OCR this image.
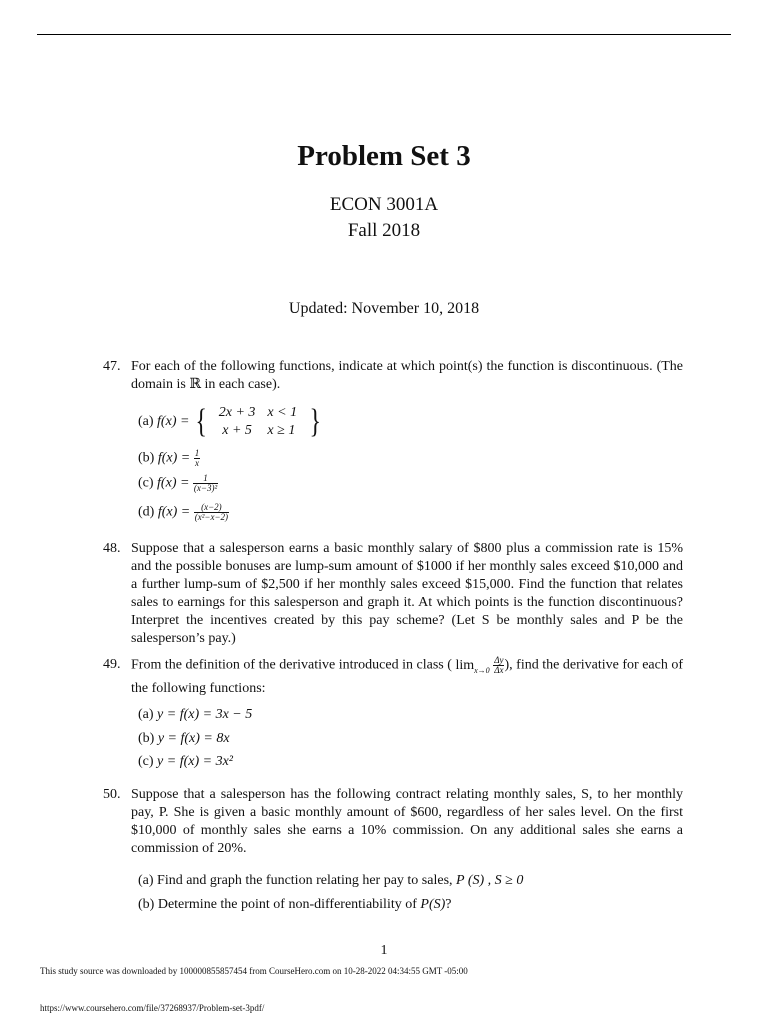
Problem Set 3
ECON 3001A
Fall 2018
Updated: November 10, 2018
47. For each of the following functions, indicate at which point(s) the function is discontinuous. (The domain is ℝ in each case).
(a) f(x) = { 2x + 3	x < 1
x + 5	x ≥ 1 }
(b) $f(x) = \frac{1}{x}$
(c) $f(x) = \frac{1}{\text{(x−3)²}}$
(d) $f(x) = \frac{(x-2)}{\text{(x²−x−2)}}$
48. Suppose that a salesperson earns a basic monthly salary of $800 plus a commission rate is 15% and the possible bonuses are lump-sum amount of $1000 if her monthly sales exceed $10,000 and a further lump-sum of $2,500 if her monthly sales exceed $15,000. Find the function that relates sales to earnings for this salesperson and graph it. At which points is the function discontinuous? Interpret the incentives created by this pay scheme? (Let S be monthly sales and P be the salesperson’s pay.)
49. From the definition of the derivative introduced in class ( $\lim_{x\to 0} \frac{\Delta y}{\Delta x}$ ), find the derivative for each of the following functions:
(a) y = f(x) = 3x − 5
(b) y = f(x) = 8x
(c) y = f(x) = 3x²
50. Suppose that a salesperson has the following contract relating monthly sales, S, to her monthly pay, P. She is given a basic monthly amount of $600, regardless of her sales level. On the first $10,000 of monthly sales she earns a 10% commission. On any additional sales she earns a commission of 20%.
(a) Find and graph the function relating her pay to sales, P (S) , S ≥ 0
(b) Determine the point of non-differentiability of P(S)?
1
This study source was downloaded by 100000855857454 from CourseHero.com on 10-28-2022 04:34:55 GMT -05:00
https://www.coursehero.com/file/37268937/Problem-set-3pdf/
